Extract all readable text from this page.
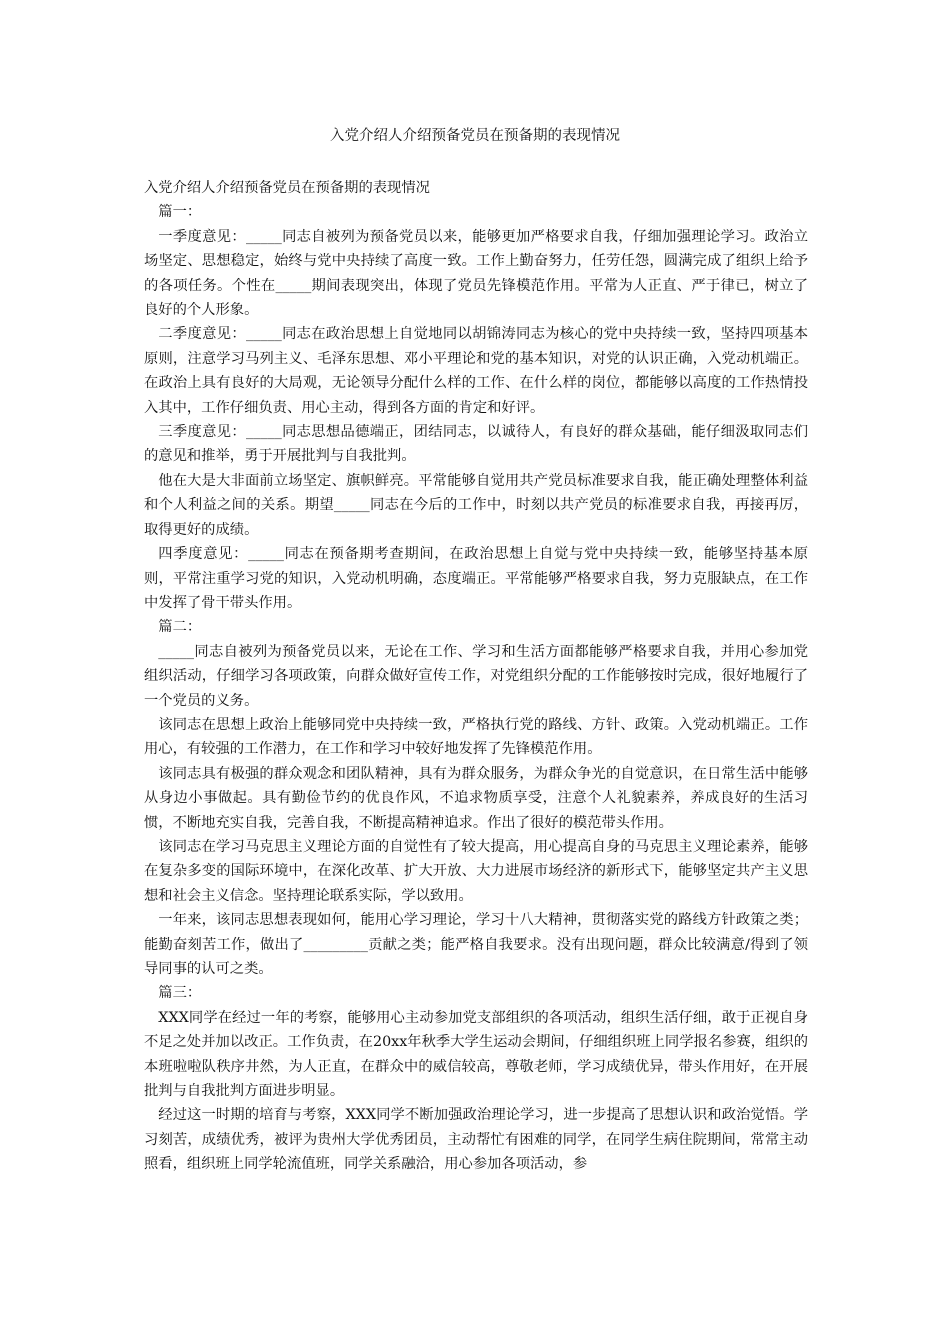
入党介绍人介绍预备党员在预备期的表现情况

入党介绍人介绍预备党员在预备期的表现情况

篇一：

一季度意见：_____同志自被列为预备党员以来，能够更加严格要求自我，仔细加强理论学习。政治立场坚定、思想稳定，始终与党中央持续了高度一致。工作上勤奋努力，任劳任怨，圆满完成了组织上给予的各项任务。个性在_____期间表现突出，体现了党员先锋模范作用。平常为人正直、严于律已，树立了良好的个人形象。

二季度意见：_____同志在政治思想上自觉地同以胡锦涛同志为核心的党中央持续一致，坚持四项基本原则，注意学习马列主义、毛泽东思想、邓小平理论和党的基本知识，对党的认识正确，入党动机端正。在政治上具有良好的大局观，无论领导分配什么样的工作、在什么样的岗位，都能够以高度的工作热情投入其中，工作仔细负责、用心主动，得到各方面的肯定和好评。

三季度意见：_____同志思想品德端正，团结同志，以诚待人，有良好的群众基础，能仔细汲取同志们的意见和推举，勇于开展批判与自我批判。

他在大是大非面前立场坚定、旗帜鲜亮。平常能够自觉用共产党员标准要求自我，能正确处理整体利益和个人利益之间的关系。期望_____同志在今后的工作中，时刻以共产党员的标准要求自我，再接再厉，取得更好的成绩。

四季度意见：_____同志在预备期考查期间，在政治思想上自觉与党中央持续一致，能够坚持基本原则，平常注重学习党的知识，入党动机明确，态度端正。平常能够严格要求自我，努力克服缺点，在工作中发挥了骨干带头作用。

篇二：

_____同志自被列为预备党员以来，无论在工作、学习和生活方面都能够严格要求自我，并用心参加党组织活动，仔细学习各项政策，向群众做好宣传工作，对党组织分配的工作能够按时完成，很好地履行了一个党员的义务。

该同志在思想上政治上能够同党中央持续一致，严格执行党的路线、方针、政策。入党动机端正。工作用心，有较强的工作潜力，在工作和学习中较好地发挥了先锋模范作用。

该同志具有极强的群众观念和团队精神，具有为群众服务，为群众争光的自觉意识，在日常生活中能够从身边小事做起。具有勤俭节约的优良作风，不追求物质享受，注意个人礼貌素养，养成良好的生活习惯，不断地充实自我，完善自我，不断提高精神追求。作出了很好的模范带头作用。

该同志在学习马克思主义理论方面的自觉性有了较大提高，用心提高自身的马克思主义理论素养，能够在复杂多变的国际环境中，在深化改革、扩大开放、大力进展市场经济的新形式下，能够坚定共产主义思想和社会主义信念。坚持理论联系实际，学以致用。

一年来，该同志思想表现如何，能用心学习理论，学习十八大精神，贯彻落实党的路线方针政策之类；能勤奋刻苦工作，做出了_________贡献之类；能严格自我要求。没有出现问题，群众比较满意/得到了领导同事的认可之类。

篇三：

XXX同学在经过一年的考察，能够用心主动参加党支部组织的各项活动，组织生活仔细，敢于正视自身不足之处并加以改正。工作负责，在20xx年秋季大学生运动会期间，仔细组织班上同学报名参赛，组织的本班啦啦队秩序井然，为人正直，在群众中的威信较高，尊敬老师，学习成绩优异，带头作用好，在开展批判与自我批判方面进步明显。

经过这一时期的培育与考察，XXX同学不断加强政治理论学习，进一步提高了思想认识和政治觉悟。学习刻苦，成绩优秀，被评为贵州大学优秀团员，主动帮忙有困难的同学，在同学生病住院期间，常常主动照看，组织班上同学轮流值班，同学关系融洽，用心参加各项活动，参
